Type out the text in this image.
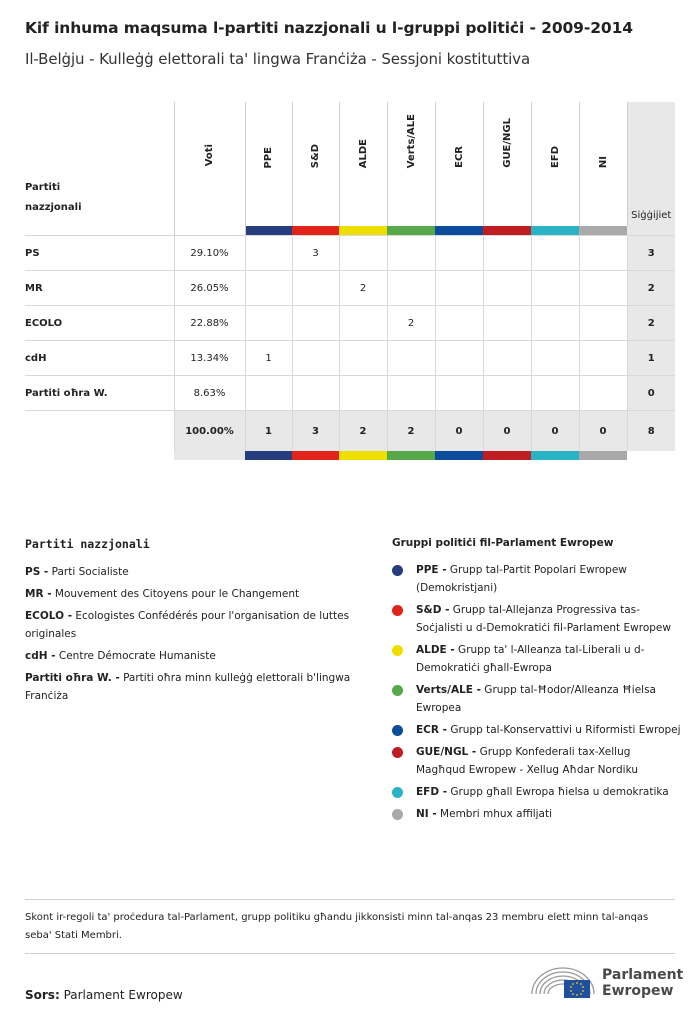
Kif inhuma maqsuma l-partiti nazzjonali u l-gruppi politiċi - 2009-2014
Il-Belġju - Kulleġġ elettorali ta' lingwa Franċiża - Sessjoni kostituttiva
Partiti nazzjonali	Voti	PPE	S&D	ALDE	Verts/ALE	ECR	GUE/NGL	EFD	NI	Siġġijiet

PS	29.10%		3							3
MR	26.05%			2						2
ECOLO	22.88%				2					2
cdH	13.34%	1								1
Partiti oħra W.	8.63%									0
	100.00%	1	3	2	2	0	0	0	0	8

Partiti nazzjonali
PS - Parti Socialiste
MR - Mouvement des Citoyens pour le Changement
ECOLO - Ecologistes Confédérés pour l'organisation de luttes originales
cdH - Centre Démocrate Humaniste
Partiti oħra W. - Partiti oħra minn kulleġġ elettorali b'lingwa Franċiża
Gruppi politiċi fil-Parlament Ewropew
PPE - Grupp tal-Partit Popolari Ewropew (Demokristjani)
S&D - Grupp tal-Allejanza Progressiva tas-Soċjalisti u d-Demokratiċi fil-Parlament Ewropew
ALDE - Grupp ta' l-Alleanza tal-Liberali u d-Demokratiċi għall-Ewropa
Verts/ALE - Grupp tal-Ħodor/Alleanza Ħielsa Ewropea
ECR - Grupp tal-Konservattivi u Riformisti Ewropej
GUE/NGL - Grupp Konfederali tax-Xellug Magħqud Ewropew - Xellug Aħdar Nordiku
EFD - Grupp għall Ewropa ħielsa u demokratika
NI - Membri mhux affiljati
Skont ir-regoli ta' proċedura tal-Parlament, grupp politiku għandu jikkonsisti minn tal-anqas 23 membru elett minn tal-anqas seba' Stati Membri.
Sors: Parlament Ewropew
Parlament
Ewropew
